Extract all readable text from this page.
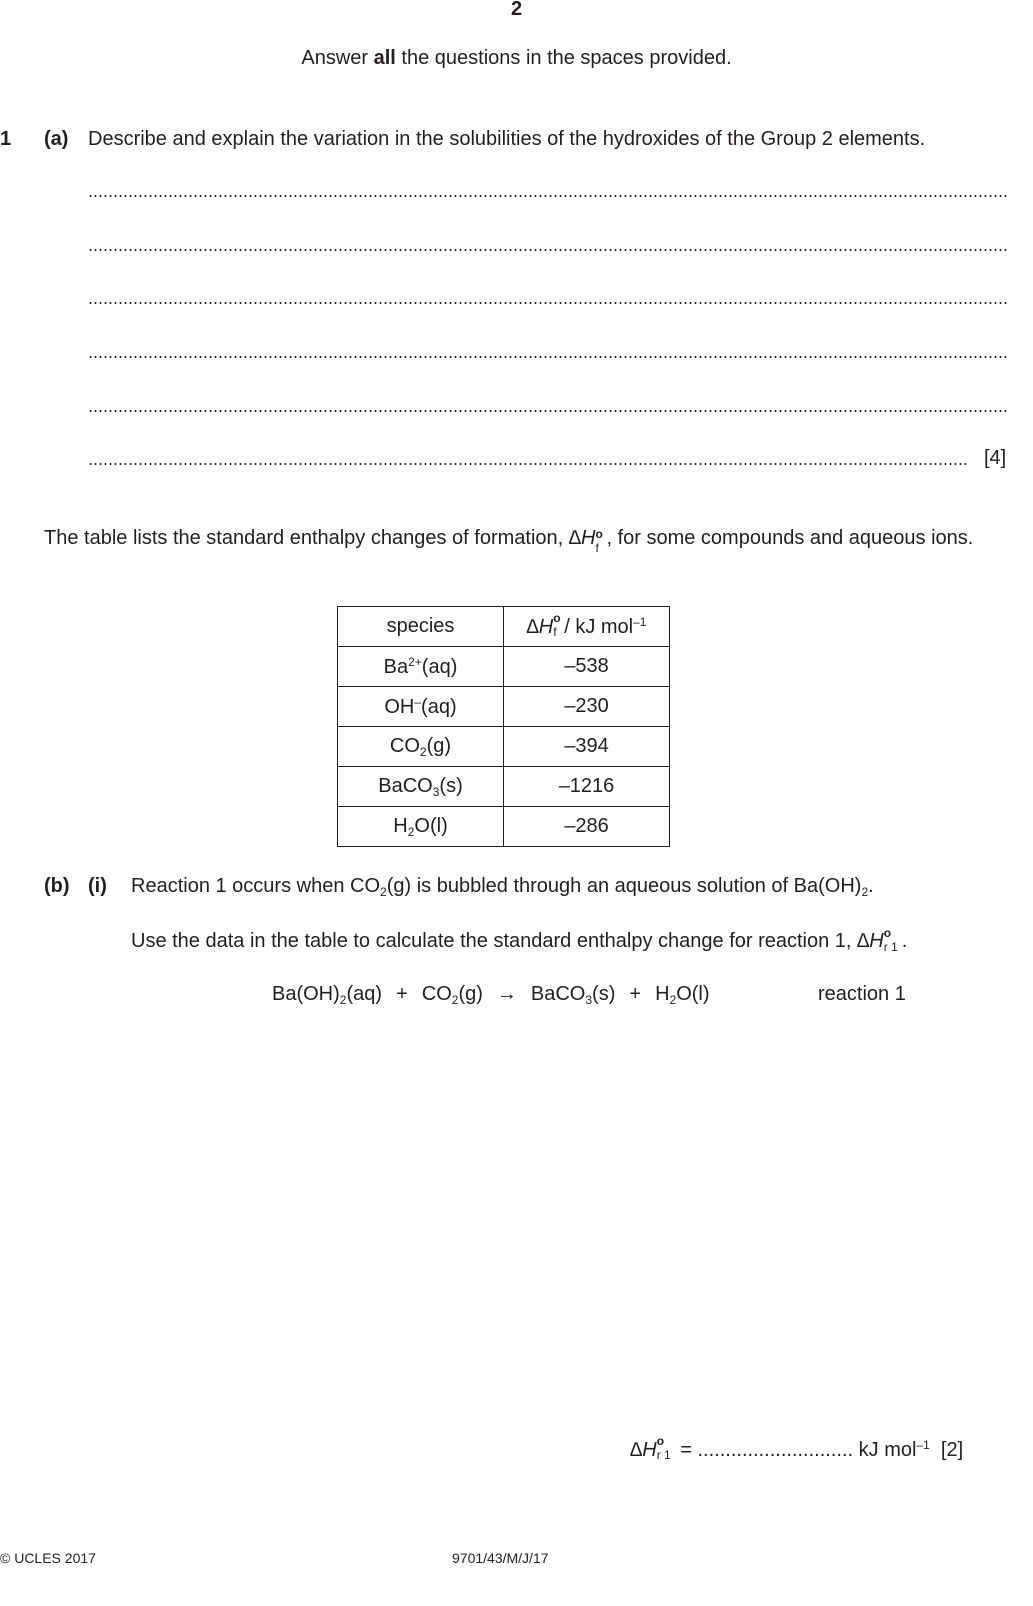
2
Answer all the questions in the spaces provided.
1 (a) Describe and explain the variation in the solubilities of the hydroxides of the Group 2 elements.
[4]
The table lists the standard enthalpy changes of formation, ∆H o
f , for some compounds and aqueous ions.
species	∆H o
f / kJ mol$^{-1}$
$Ba^{2+}(aq)$	–538
OH–(aq)	–230
$CO_2(g)$	–394
BaCO$_3$(s)	–1216
$H_2O(l)$	–286
(b) (i) Reaction 1 occurs when $CO_2(g)$ is bubbled through an aqueous solution of $Ba(OH)_2$.
Use the data in the table to calculate the standard enthalpy change for reaction 1, ∆H o
r 1 .
$Ba(OH)_2(aq) + CO_2(g)$ → BaCO$_3$(s) + $H_2O(l)$	reaction 1
∆H o
r 1 = ............................ kJ mol$^{-1}$ [2]
© UCLES 2017	9701/43/M/J/17
